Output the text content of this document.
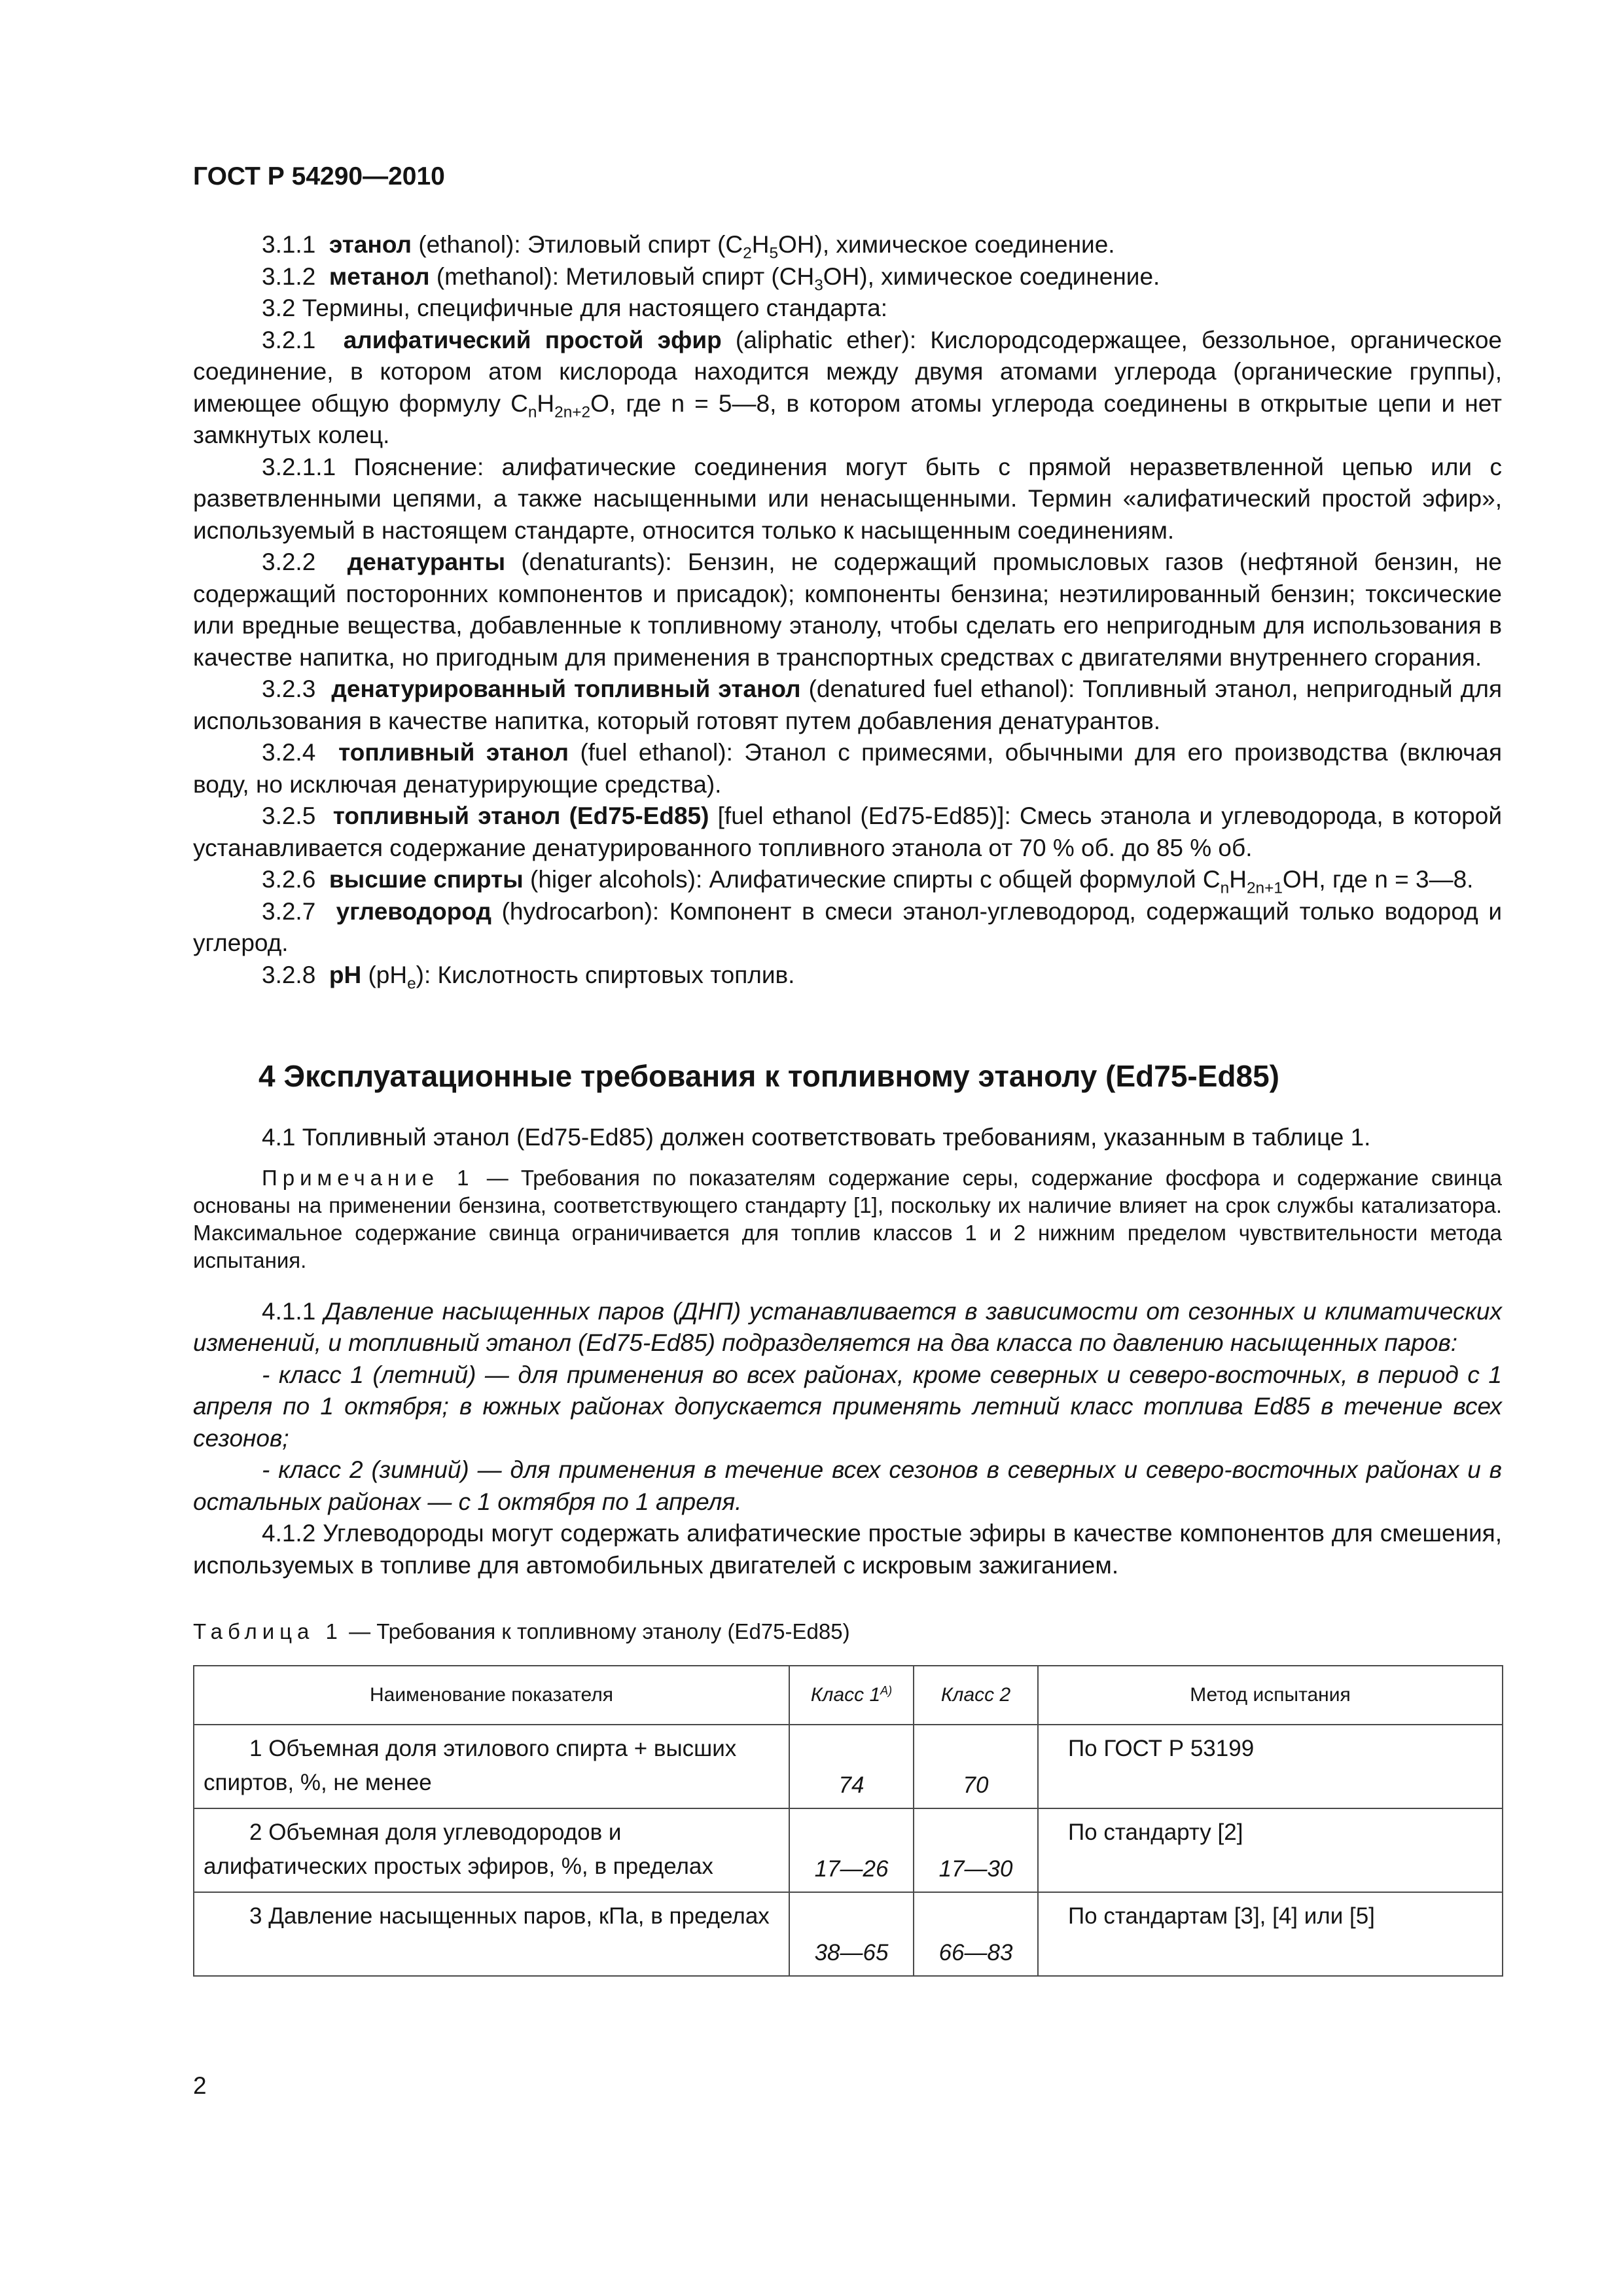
ГОСТ Р 54290—2010

3.1.1 этанол (ethanol): Этиловый спирт $(C_2H_5OH)$, химическое соединение.

3.1.2 метанол (methanol): Метиловый спирт $(CH_3OH)$, химическое соединение.

3.2 Термины, специфичные для настоящего стандарта:

3.2.1 алифатический простой эфир (aliphatic ether): Кислородсодержащее, беззольное, органическое соединение, в котором атом кислорода находится между двумя атомами углерода (органические группы), имеющее общую формулу $C_nH_{2n+2}O$, где n = 5—8, в котором атомы углерода соединены в открытые цепи и нет замкнутых колец.

3.2.1.1 Пояснение: алифатические соединения могут быть с прямой неразветвленной цепью или с разветвленными цепями, а также насыщенными или ненасыщенными. Термин «алифатический простой эфир», используемый в настоящем стандарте, относится только к насыщенным соединениям.

3.2.2 денатуранты (denaturants): Бензин, не содержащий промысловых газов (нефтяной бензин, не содержащий посторонних компонентов и присадок); компоненты бензина; неэтилированный бензин; токсические или вредные вещества, добавленные к топливному этанолу, чтобы сделать его непригодным для использования в качестве напитка, но пригодным для применения в транспортных средствах с двигателями внутреннего сгорания.

3.2.3 денатурированный топливный этанол (denatured fuel ethanol): Топливный этанол, непригодный для использования в качестве напитка, который готовят путем добавления денатурантов.

3.2.4 топливный этанол (fuel ethanol): Этанол с примесями, обычными для его производства (включая воду, но исключая денатурирующие средства).

3.2.5 топливный этанол (Ed75-Ed85) [fuel ethanol (Ed75-Ed85)]: Смесь этанола и углеводорода, в которой устанавливается содержание денатурированного топливного этанола от 70 % об. до 85 % об.

3.2.6 высшие спирты (higer alcohols): Алифатические спирты с общей формулой $C_nH_{2n+1}OH$, где n = 3—8.

3.2.7 углеводород (hydrocarbon): Компонент в смеси этанол-углеводород, содержащий только водород и углерод.

3.2.8 pH $(pH_e)$: Кислотность спиртовых топлив.

4 Эксплуатационные требования к топливному этанолу (Ed75-Ed85)

4.1 Топливный этанол (Ed75-Ed85) должен соответствовать требованиям, указанным в таблице 1.

Примечание 1 — Требования по показателям содержание серы, содержание фосфора и содержание свинца основаны на применении бензина, соответствующего стандарту [1], поскольку их наличие влияет на срок службы катализатора. Максимальное содержание свинца ограничивается для топлив классов 1 и 2 нижним пределом чувствительности метода испытания.

4.1.1 Давление насыщенных паров (ДНП) устанавливается в зависимости от сезонных и климатических изменений, и топливный этанол (Ed75-Ed85) подразделяется на два класса по давлению насыщенных паров:

- класс 1 (летний) — для применения во всех районах, кроме северных и северо-восточных, в период с 1 апреля по 1 октября; в южных районах допускается применять летний класс топлива Ed85 в течение всех сезонов;

- класс 2 (зимний) — для применения в течение всех сезонов в северных и северо-восточных районах и в остальных районах — с 1 октября по 1 апреля.

4.1.2 Углеводороды могут содержать алифатические простые эфиры в качестве компонентов для смешения, используемых в топливе для автомобильных двигателей с искровым зажиганием.

Таблица 1 — Требования к топливному этанолу (Ed75-Ed85)
Наименование показателя	Класс $1^{A)}$	Класс 2	Метод испытания

1 Объемная доля этилового спирта + высших спиртов, %, не менее	74	70	По ГОСТ Р 53199

2 Объемная доля углеводородов и алифатических простых эфиров, %, в пределах	17—26	17—30	По стандарту [2]

3 Давление насыщенных паров, кПа, в пределах	38—65	66—83	По стандартам [3], [4] или [5]
2
